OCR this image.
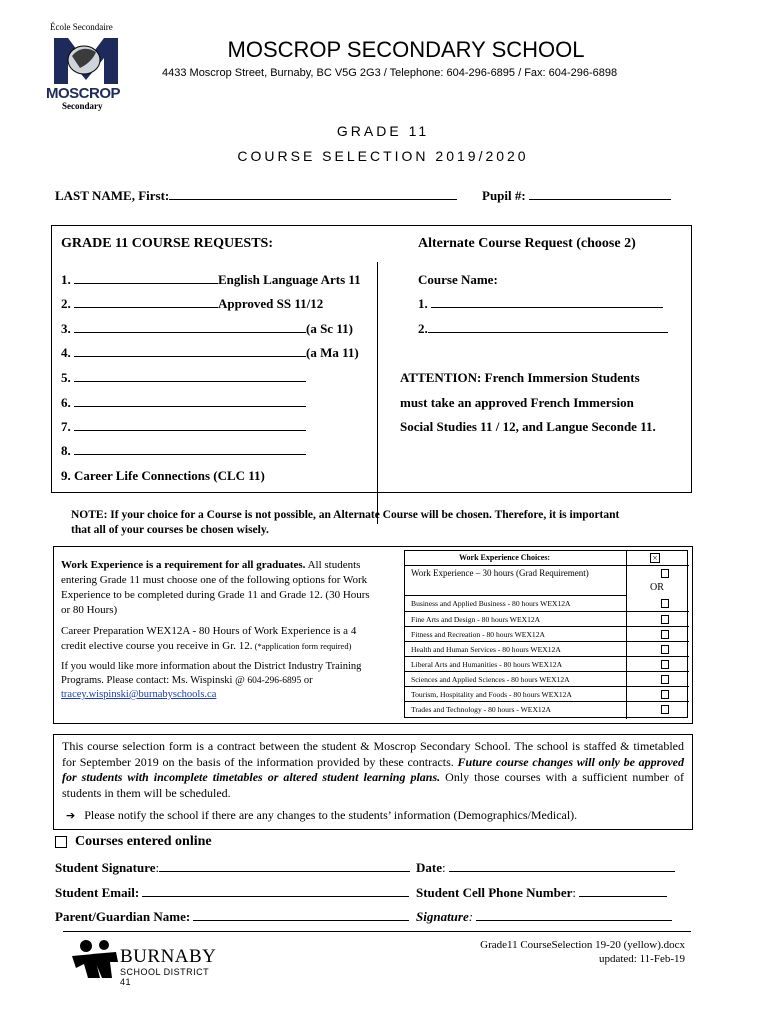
École Secondaire
MOSCROP
Secondary
MOSCROP SECONDARY SCHOOL
4433 Moscrop Street, Burnaby, BC V5G 2G3 / Telephone: 604-296-6895 / Fax: 604-296-6898
GRADE 11
COURSE SELECTION 2019/2020
LAST NAME, First:	Pupil #:
GRADE 11 COURSE REQUESTS:
1.	English Language Arts 11
2.	Approved SS 11/12
3.	(a Sc 11)
4.	(a Ma 11)
5.
6.
7.
8.
9. Career Life Connections (CLC 11)
Alternate Course Request (choose 2)
Course Name:
1.
2.
ATTENTION: French Immersion Students
must take an approved French Immersion
Social Studies 11 / 12, and Langue Seconde 11.
NOTE: If your choice for a Course is not possible, an Alternate Course will be chosen. Therefore, it is important
that all of your courses be chosen wisely.
Work Experience is a requirement for all graduates. All students entering Grade 11 must choose one of the following options for Work Experience to be completed during Grade 11 and Grade 12. (30 Hours or 80 Hours)
Career Preparation WEX12A - 80 Hours of Work Experience is a 4 credit elective course you receive in Gr. 12. (*application form required)
If you would like more information about the District Industry Training Programs. Please contact: Ms. Wispinski @ 604-296-6895 or tracey.wispinski@burnabyschools.ca
Work Experience Choices:	×
Work Experience – 30 hours (Grad Requirement)
OR
Business and Applied Business - 80 hours WEX12A
Fine Arts and Design - 80 hours WEX12A
Fitness and Recreation - 80 hours WEX12A
Health and Human Services - 80 hours WEX12A
Liberal Arts and Humanities - 80 hours WEX12A
Sciences and Applied Sciences - 80 hours WEX12A
Tourism, Hospitality and Foods - 80 hours WEX12A
Trades and Technology - 80 hours - WEX12A
This course selection form is a contract between the student & Moscrop Secondary School. The school is staffed & timetabled for September 2019 on the basis of the information provided by these contracts. Future course changes will only be approved for students with incomplete timetables or altered student learning plans. Only those courses with a sufficient number of students in them will be scheduled.
➔ Please notify the school if there are any changes to the students’ information (Demographics/Medical).
Courses entered online
Student Signature:	Date:
Student Email:	Student Cell Phone Number:
Parent/Guardian Name:	Signature:
BURNABY
SCHOOL DISTRICT 41
Grade11 CourseSelection 19-20 (yellow).docx
updated: 11-Feb-19
